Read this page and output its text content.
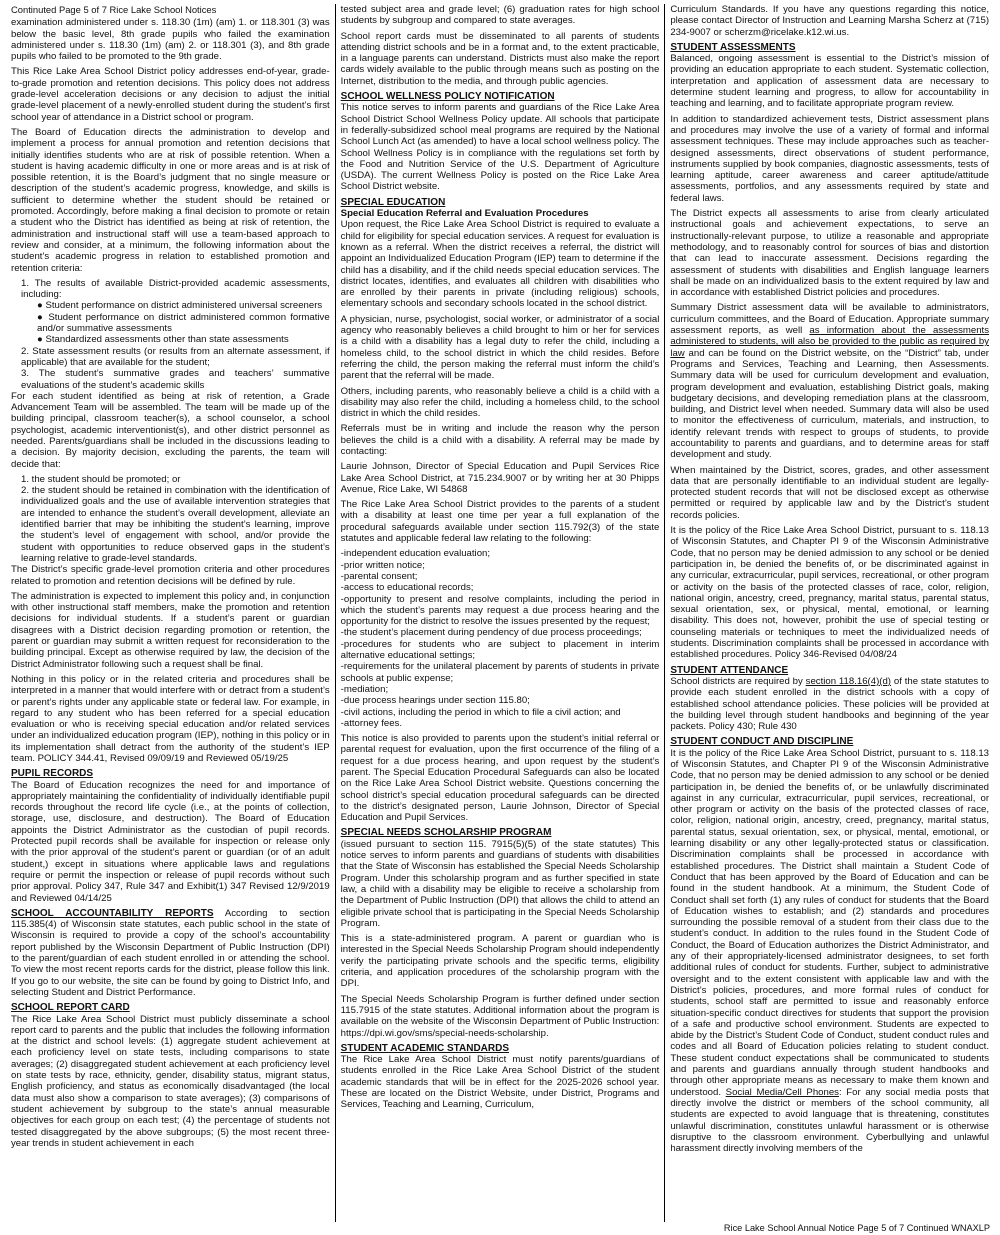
Continuted Page 5 of 7 Rice Lake School Notices

examination administered under s. 118.30 (1m) (am) 1. or 118.301 (3) was below the basic level, 8th grade pupils who failed the examination administered under s. 118.30 (1m) (am) 2. or 118.301 (3), and 8th grade pupils who failed to be promoted to the 9th grade.

This Rice Lake Area School District policy addresses end-of-year, grade-to-grade promotion and retention decisions. This policy does not address grade-level acceleration decisions or any decision to adjust the initial grade-level placement of a newly-enrolled student during the student’s first school year of attendance in a District school or program.

The Board of Education directs the administration to develop and implement a process for annual promotion and retention decisions that initially identifies students who are at risk of possible retention. When a student is having academic difficulty in one or more areas and is at risk of possible retention, it is the Board’s judgment that no single measure or description of the student’s academic progress, knowledge, and skills is sufficient to determine whether the student should be retained or promoted. Accordingly, before making a final decision to promote or retain a student who the District has identified as being at risk of retention, the administration and instructional staff will use a team-based approach to review and consider, at a minimum, the following information about the student’s academic progress in relation to established promotion and retention criteria:

1. The results of available District-provided academic assessments, including:
● Student performance on district administered universal screeners
● Student performance on district administered common formative and/or summative assessments
● Standardized assessments other than state assessments
2. State assessment results (or results from an alternate assessment, if applicable) that are available for the student;
3. The student’s summative grades and teachers’ summative evaluations of the student’s academic skills

For each student identified as being at risk of retention, a Grade Advancement Team will be assembled. The team will be made up of the building principal, classroom teacher(s), a school counselor, a school psychologist, academic interventionist(s), and other district personnel as needed. Parents/guardians shall be included in the discussions leading to a decision. By majority decision, excluding the parents, the team will decide that:

1. the student should be promoted; or

2. the student should be retained in combination with the identification of individualized goals and the use of available intervention strategies that are intended to enhance the student’s overall development, alleviate an identified barrier that may be inhibiting the student’s learning, improve the student’s level of engagement with school, and/or provide the student with opportunities to reduce observed gaps in the student’s learning relative to grade-level standards.

The District’s specific grade-level promotion criteria and other procedures related to promotion and retention decisions will be defined by rule.

The administration is expected to implement this policy and, in conjunction with other instructional staff members, make the promotion and retention decisions for individual students. If a student’s parent or guardian disagrees with a District decision regarding promotion or retention, the parent or guardian may submit a written request for reconsideration to the building principal. Except as otherwise required by law, the decision of the District Administrator following such a request shall be final.

Nothing in this policy or in the related criteria and procedures shall be interpreted in a manner that would interfere with or detract from a student’s or parent’s rights under any applicable state or federal law. For example, in regard to any student who has been referred for a special education evaluation or who is receiving special education and/or related services under an individualized education program (IEP), nothing in this policy or in its implementation shall detract from the authority of the student’s IEP team. POLICY 344.41, Revised 09/09/19 and Reviewed 05/19/25

PUPIL RECORDS

The Board of Education recognizes the need for and importance of appropriately maintaining the confidentiality of individually identifiable pupil records throughout the record life cycle (i.e., at the points of collection, storage, use, disclosure, and destruction). The Board of Education appoints the District Administrator as the custodian of pupil records. Protected pupil records shall be available for inspection or release only with the prior approval of the student’s parent or guardian (or of an adult student,) except in situations where applicable laws and regulations require or permit the inspection or release of pupil records without such prior approval. Policy 347, Rule 347 and Exhibit(1) 347 Revised 12/9/2019 and Reviewed 04/14/25

SCHOOL ACCOUNTABILITY REPORTS According to section 115.385(4) of Wisconsin state statutes, each public school in the state of Wisconsin is required to provide a copy of the school’s accountability report published by the Wisconsin Department of Public Instruction (DPI) to the parent/guardian of each student enrolled in or attending the school. To view the most recent reports cards for the district, please follow this link. If you go to our website, the site can be found by going to District Info, and selecting Student and District Performance.

SCHOOL REPORT CARD

The Rice Lake Area School District must publicly disseminate a school report card to parents and the public that includes the following information at the district and school levels: (1) aggregate student achievement at each proficiency level on state tests, including comparisons to state averages; (2) disaggregated student achievement at each proficiency level on state tests by race, ethnicity, gender, disability status, migrant status, English proficiency, and status as economically disadvantaged (the local data must also show a comparison to state averages); (3) comparisons of student achievement by subgroup to the state’s annual measurable objectives for each group on each test; (4) the percentage of students not tested disaggregated by the above subgroups; (5) the most recent three-year trends in student achievement in each

tested subject area and grade level; (6) graduation rates for high school students by subgroup and compared to state averages.

School report cards must be disseminated to all parents of students attending district schools and be in a format and, to the extent practicable, in a language parents can understand. Districts must also make the report cards widely available to the public through means such as posting on the Internet, distribution to the media, and through public agencies.

SCHOOL WELLNESS POLICY NOTIFICATION

This notice serves to inform parents and guardians of the Rice Lake Area School District School Wellness Policy update. All schools that participate in federally-subsidized school meal programs are required by the National School Lunch Act (as amended) to have a local school wellness policy. The School Wellness Policy is in compliance with the regulations set forth by the Food and Nutrition Service of the U.S. Department of Agriculture (USDA). The current Wellness Policy is posted on the Rice Lake Area School District website.

SPECIAL EDUCATION
Special Education Referral and Evaluation Procedures

Upon request, the Rice Lake Area School District is required to evaluate a child for eligibility for special education services. A request for evaluation is known as a referral. When the district receives a referral, the district will appoint an Individualized Education Program (IEP) team to determine if the child has a disability, and if the child needs special education services. The district locates, identifies, and evaluates all children with disabilities who are enrolled by their parents in private (including religious) schools, elementary schools and secondary schools located in the school district.

A physician, nurse, psychologist, social worker, or administrator of a social agency who reasonably believes a child brought to him or her for services is a child with a disability has a legal duty to refer the child, including a homeless child, to the school district in which the child resides. Before referring the child, the person making the referral must inform the child’s parent that the referral will be made.

Others, including parents, who reasonably believe a child is a child with a disability may also refer the child, including a homeless child, to the school district in which the child resides.

Referrals must be in writing and include the reason why the person believes the child is a child with a disability. A referral may be made by contacting:

Laurie Johnson, Director of Special Education and Pupil Services Rice Lake Area School District, at 715.234.9007 or by writing her at 30 Phipps Avenue, Rice Lake, WI 54868

The Rice Lake Area School District provides to the parents of a student with a disability at least one time per year a full explanation of the procedural safeguards available under section 115.792(3) of the state statutes and applicable federal law relating to the following:

-independent education evaluation;
-prior written notice;
-parental consent;
-access to educational records;
-opportunity to present and resolve complaints, including the period in which the student’s parents may request a due process hearing and the opportunity for the district to resolve the issues presented by the request;
-the student’s placement during pendency of due process proceedings;
-procedures for students who are subject to placement in interim alternative educational settings;
-requirements for the unilateral placement by parents of students in private schools at public expense;
-mediation;
-due process hearings under section 115.80;
-civil actions, including the period in which to file a civil action; and

-attorney fees.

This notice is also provided to parents upon the student’s initial referral or parental request for evaluation, upon the first occurrence of the filing of a request for a due process hearing, and upon request by the student’s parent. The Special Education Procedural Safeguards can also be located on the Rice Lake Area School District website. Questions concerning the school district’s special education procedural safeguards can be directed to the district’s designated person, Laurie Johnson, Director of Special Education and Pupil Services.

SPECIAL NEEDS SCHOLARSHIP PROGRAM

(issued pursuant to section 115. 7915(5)(5) of the state statutes) This notice serves to inform parents and guardians of students with disabilities that the State of Wisconsin has established the Special Needs Scholarship Program. Under this scholarship program and as further specified in state law, a child with a disability may be eligible to receive a scholarship from the Department of Public Instruction (DPI) that allows the child to attend an eligible private school that is participating in the Special Needs Scholarship Program.

This is a state-administered program. A parent or guardian who is interested in the Special Needs Scholarship Program should independently verify the participating private schools and the specific terms, eligibility criteria, and application procedures of the scholarship program with the DPI.

The Special Needs Scholarship Program is further defined under section 115.7915 of the state statutes. Additional information about the program is available on the website of the Wisconsin Department of Public Instruction: https://dpi.wi.gov/sms/special-needs-scholarship.

STUDENT ACADEMIC STANDARDS

The Rice Lake Area School District must notify parents/guardians of students enrolled in the Rice Lake Area School District of the student academic standards that will be in effect for the 2025-2026 school year. These are located on the District Website, under District, Programs and Services, Teaching and Learning, Curriculum,

Curriculum Standards. If you have any questions regarding this notice, please contact Director of Instruction and Learning Marsha Scherz at (715) 234-9007 or scherzm@ricelake.k12.wi.us.

STUDENT ASSESSMENTS

Balanced, ongoing assessment is essential to the District’s mission of providing an education appropriate to each student. Systematic collection, interpretation and application of assessment data are necessary to determine student learning and progress, to allow for accountability in teaching and learning, and to facilitate appropriate program review.

In addition to standardized achievement tests, District assessment plans and procedures may involve the use of a variety of formal and informal assessment techniques. These may include approaches such as teacher-designed assessments, direct observations of student performance, instruments supplied by book companies, diagnostic assessments, tests of learning aptitude, career awareness and career aptitude/attitude assessments, portfolios, and any assessments required by state and federal laws.

The District expects all assessments to arise from clearly articulated instructional goals and achievement expectations, to serve an instructionally-relevant purpose, to utilize a reasonable and appropriate methodology, and to reasonably control for sources of bias and distortion that can lead to inaccurate assessment. Decisions regarding the assessment of students with disabilities and English language learners shall be made on an individualized basis to the extent required by law and in accordance with established District policies and procedures.

Summary District assessment data will be available to administrators, curriculum committees, and the Board of Education. Appropriate summary assessment reports, as well as information about the assessments administered to students, will also be provided to the public as required by law and can be found on the District website, on the “District” tab, under Programs and Services, Teaching and Learning, then Assessments. Summary data will be used for curriculum development and evaluation, program development and evaluation, establishing District goals, making budgetary decisions, and developing remediation plans at the classroom, building, and District level when needed. Summary data will also be used to monitor the effectiveness of curriculum, materials, and instruction, to identify relevant trends with respect to groups of students, to provide accountability to parents and guardians, and to determine areas for staff development and study.

When maintained by the District, scores, grades, and other assessment data that are personally identifiable to an individual student are legally-protected student records that will not be disclosed except as otherwise permitted or required by applicable law and by the District’s student records policies.

It is the policy of the Rice Lake Area School District, pursuant to s. 118.13 of Wisconsin Statutes, and Chapter PI 9 of the Wisconsin Administrative Code, that no person may be denied admission to any school or be denied participation in, be denied the benefits of, or be discriminated against in any curricular, extracurricular, pupil services, recreational, or other program or activity on the basis of the protected classes of race, color, religion, national origin, ancestry, creed, pregnancy, marital status, parental status, sexual orientation, sex, or physical, mental, emotional, or learning disability. This does not, however, prohibit the use of special testing or counseling materials or techniques to meet the individualized needs of students. Discrimination complaints shall be processed in accordance with established procedures. Policy 346-Revised 04/08/24

STUDENT ATTENDANCE

School districts are required by section 118.16(4)(d) of the state statutes to provide each student enrolled in the district schools with a copy of established school attendance policies. These policies will be provided at the building level through student handbooks and beginning of the year packets. Policy 430; Rule 430

STUDENT CONDUCT AND DISCIPLINE

It is the policy of the Rice Lake Area School District, pursuant to s. 118.13 of Wisconsin Statutes, and Chapter PI 9 of the Wisconsin Administrative Code, that no person may be denied admission to any school or be denied participation in, be denied the benefits of, or be unlawfully discriminated against in any curricular, extracurricular, pupil services, recreational, or other program or activity on the basis of the protected classes of race, color, religion, national origin, ancestry, creed, pregnancy, marital status, parental status, sexual orientation, sex, or physical, mental, emotional, or learning disability or any other legally-protected status or classification. Discrimination complaints shall be processed in accordance with established procedures. The District shall maintain a Student Code of Conduct that has been approved by the Board of Education and can be found in the student handbook. At a minimum, the Student Code of Conduct shall set forth (1) any rules of conduct for students that the Board of Education wishes to establish; and (2) standards and procedures surrounding the possible removal of a student from their class due to the student’s conduct. In addition to the rules found in the Student Code of Conduct, the Board of Education authorizes the District Administrator, and any of their appropriately-licensed administrator designees, to set forth additional rules of conduct for students. Further, subject to administrative oversight and to the extent consistent with applicable law and with the District’s policies, procedures, and more formal rules of conduct for students, school staff are permitted to issue and reasonably enforce situation-specific conduct directives for students that support the provision of a safe and productive school environment. Students are expected to abide by the District’s Student Code of Conduct, student conduct rules and codes and all Board of Education policies relating to student conduct. These student conduct expectations shall be communicated to students and parents and guardians annually through student handbooks and through other appropriate means as necessary to make them known and understood. Social Media/Cell Phones: For any social media posts that directly involve the district or members of the school community, all students are expected to avoid language that is threatening, constitutes unlawful discrimination, constitutes unlawful harassment or is otherwise disruptive to the classroom environment. Cyberbullying and unlawful harassment directly involving members of the

Rice Lake School Annual Notice Page 5 of 7 Continued WNAXLP
